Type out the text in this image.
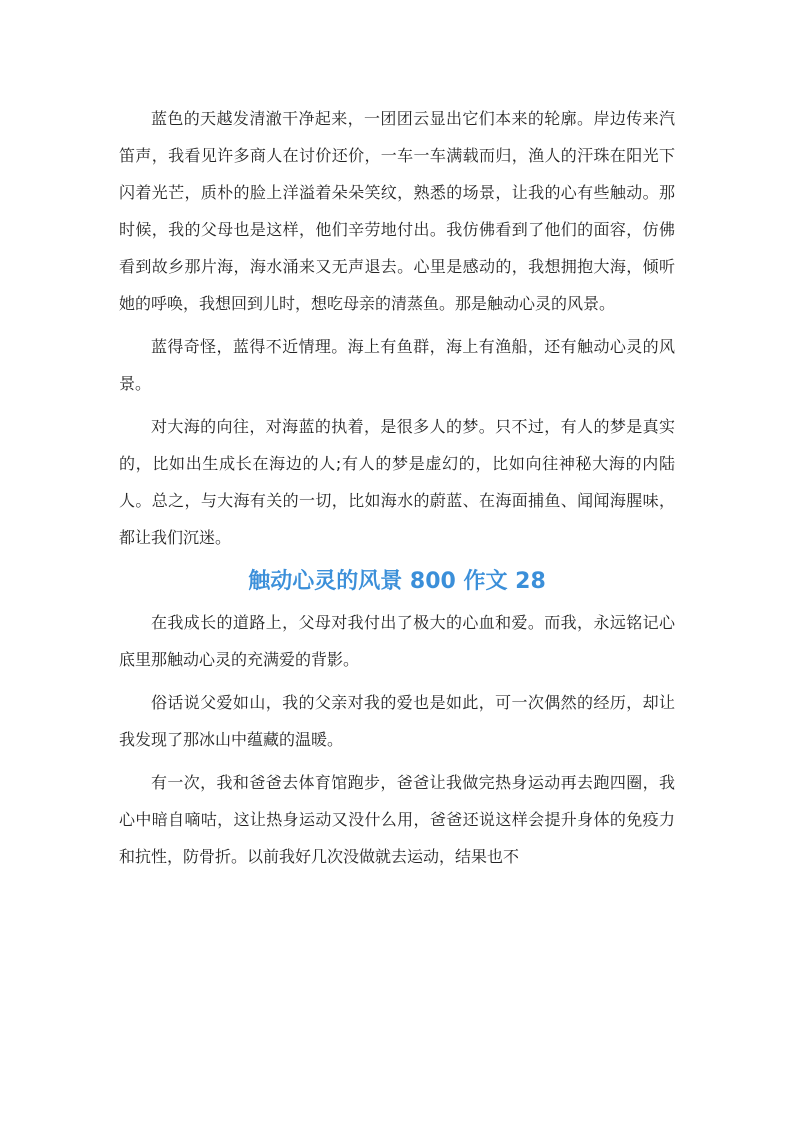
蓝色的天越发清澈干净起来，一团团云显出它们本来的轮廓。岸边传来汽笛声，我看见许多商人在讨价还价，一车一车满载而归，渔人的汗珠在阳光下闪着光芒，质朴的脸上洋溢着朵朵笑纹，熟悉的场景，让我的心有些触动。那时候，我的父母也是这样，他们辛劳地付出。我仿佛看到了他们的面容，仿佛看到故乡那片海，海水涌来又无声退去。心里是感动的，我想拥抱大海，倾听她的呼唤，我想回到儿时，想吃母亲的清蒸鱼。那是触动心灵的风景。

蓝得奇怪，蓝得不近情理。海上有鱼群，海上有渔船，还有触动心灵的风景。

对大海的向往，对海蓝的执着，是很多人的梦。只不过，有人的梦是真实的，比如出生成长在海边的人;有人的梦是虚幻的，比如向往神秘大海的内陆人。总之，与大海有关的一切，比如海水的蔚蓝、在海面捕鱼、闻闻海腥味，都让我们沉迷。

触动心灵的风景 800 作文 28

在我成长的道路上，父母对我付出了极大的心血和爱。而我，永远铭记心底里那触动心灵的充满爱的背影。

俗话说父爱如山，我的父亲对我的爱也是如此，可一次偶然的经历，却让我发现了那冰山中蕴藏的温暖。

有一次，我和爸爸去体育馆跑步，爸爸让我做完热身运动再去跑四圈，我心中暗自嘀咕，这让热身运动又没什么用，爸爸还说这样会提升身体的免疫力和抗性，防骨折。以前我好几次没做就去运动，结果也不
